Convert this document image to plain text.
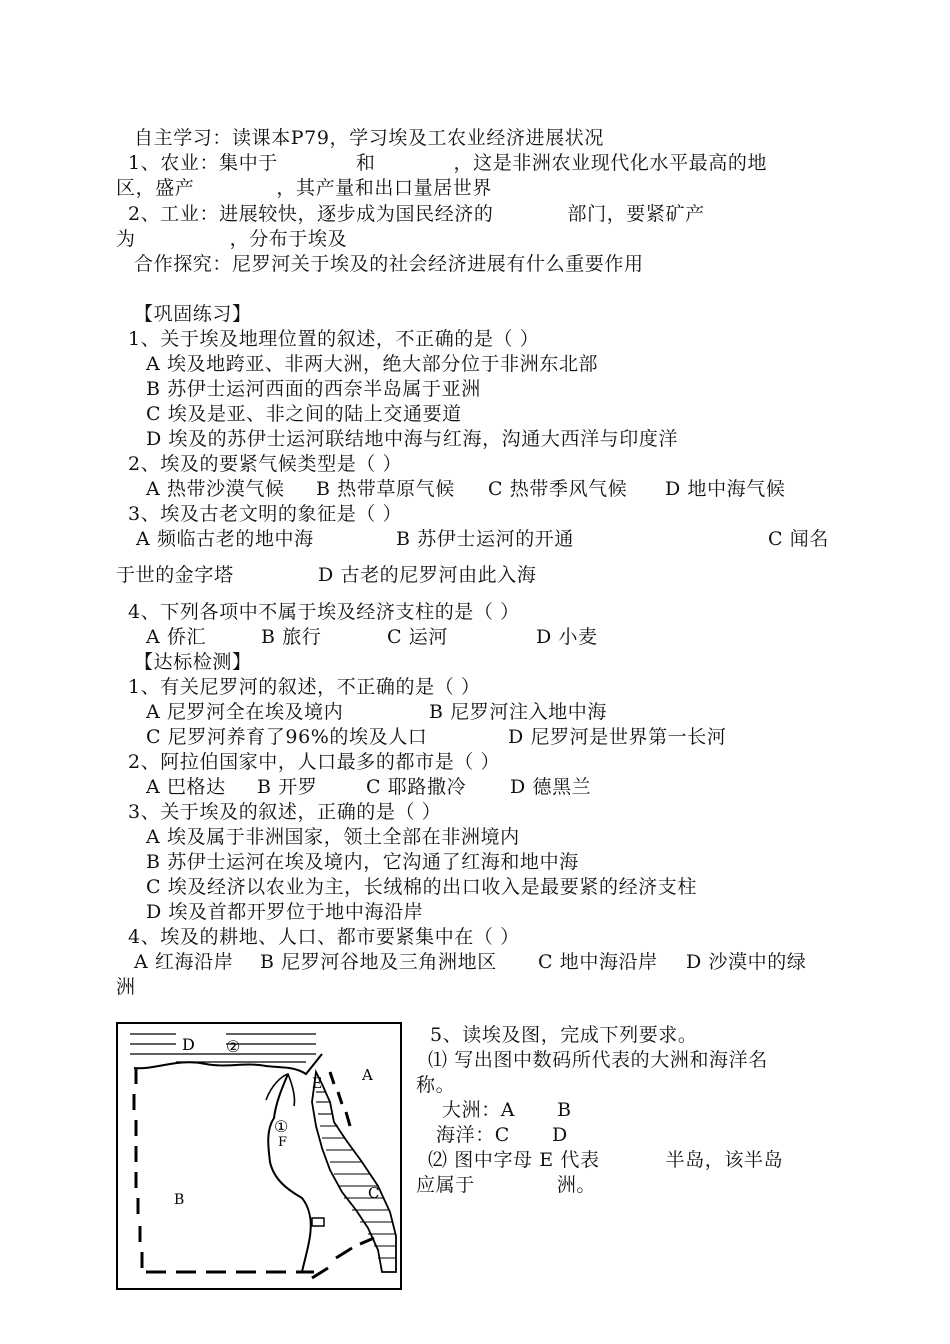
自主学习：读课本P79，学习埃及工农业经济进展状况
1、农业：集中于	和	，这是非洲农业现代化水平最高的地
区，盛产	，其产量和出口量居世界
2、工业：进展较快，逐步成为国民经济的	部门，要紧矿产
为	，分布于埃及
合作探究：尼罗河关于埃及的社会经济进展有什么重要作用
【巩固练习】
1、关于埃及地理位置的叙述，不正确的是（ ）
A 埃及地跨亚、非两大洲，绝大部分位于非洲东北部
B 苏伊士运河西面的西奈半岛属于亚洲
C 埃及是亚、非之间的陆上交通要道
D 埃及的苏伊士运河联结地中海与红海，沟通大西洋与印度洋
2、埃及的要紧气候类型是（ ）
A 热带沙漠气候 B 热带草原气候 C 热带季风气候 D 地中海气候
3、埃及古老文明的象征是（ ）
A 频临古老的地中海	B 苏伊士运河的开通	C 闻名
于世的金字塔	D 古老的尼罗河由此入海
4、下列各项中不属于埃及经济支柱的是（ ）
A 侨汇	B 旅行	C 运河	D 小麦
【达标检测】
1、有关尼罗河的叙述，不正确的是（ ）
A 尼罗河全在埃及境内	B 尼罗河注入地中海
C 尼罗河养育了96%的埃及人口	D 尼罗河是世界第一长河
2、阿拉伯国家中，人口最多的都市是（ ）
A 巴格达 B 开罗	C 耶路撒冷 D 德黑兰
3、关于埃及的叙述，正确的是（ ）
A 埃及属于非洲国家，领土全部在非洲境内
B 苏伊士运河在埃及境内，它沟通了红海和地中海
C 埃及经济以农业为主，长绒棉的出口收入是最要紧的经济支柱
D 埃及首都开罗位于地中海沿岸
4、埃及的耕地、人口、都市要紧集中在（ ）
A 红海沿岸 B 尼罗河谷地及三角洲地区 C 地中海沿岸 D 沙漠中的绿
洲
5、读埃及图，完成下列要求。
⑴ 写出图中数码所代表的大洲和海洋名
称。
大洲：A B
海洋：C D
⑵ 图中字母 E 代表	半岛，该半岛
应属于	洲。
D ②
①
A
E
F
B	C
